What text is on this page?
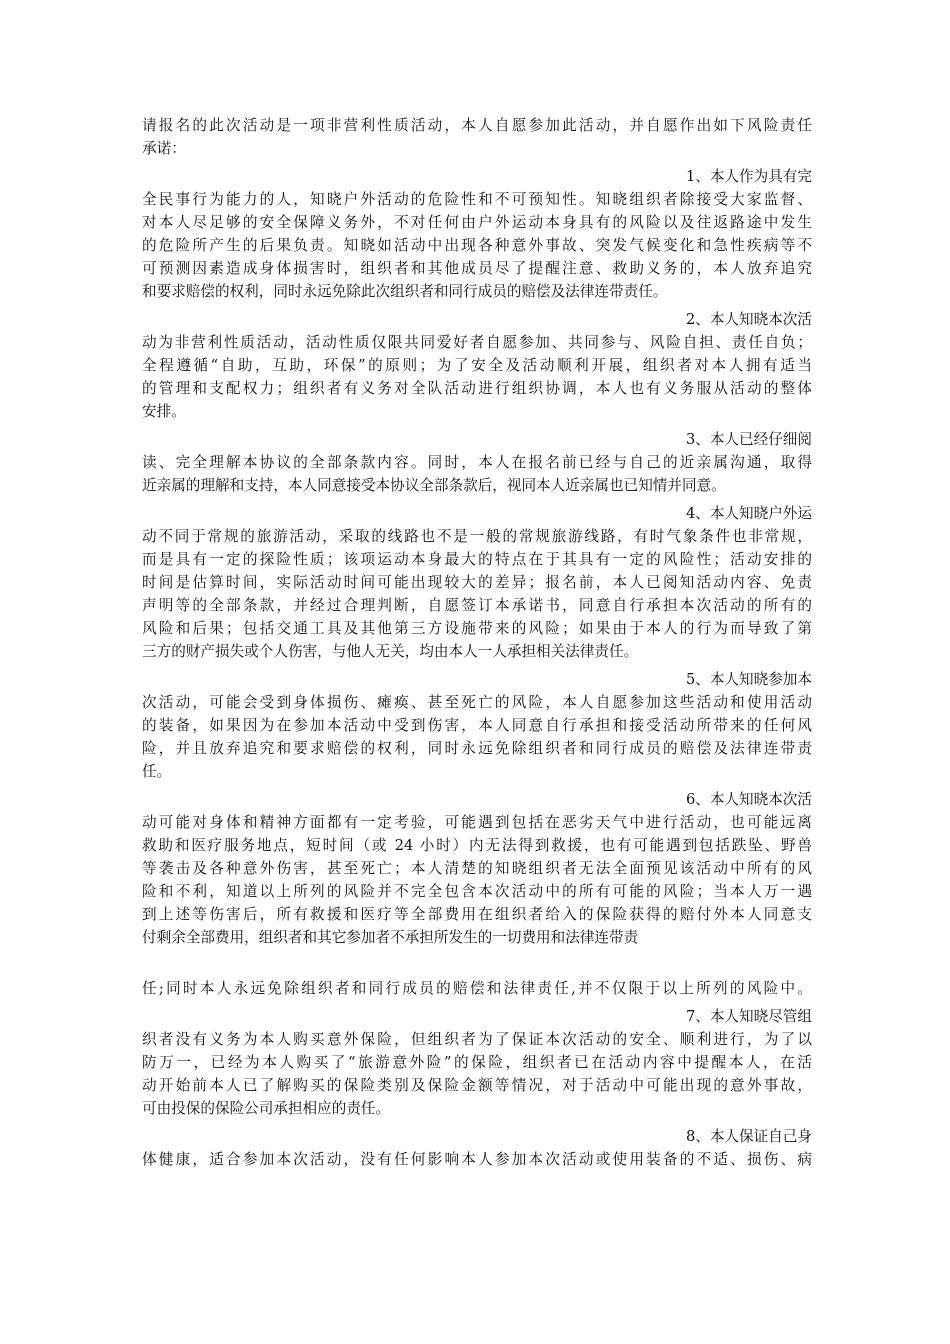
请报名的此次活动是一项非营利性质活动，本人自愿参加此活动，并自愿作出如下风险责任
承诺：
1、本人作为具有完
全民事行为能力的人，知晓户外活动的危险性和不可预知性。知晓组织者除接受大家监督、
对本人尽足够的安全保障义务外，不对任何由户外运动本身具有的风险以及往返路途中发生
的危险所产生的后果负责。知晓如活动中出现各种意外事故、突发气候变化和急性疾病等不
可预测因素造成身体损害时，组织者和其他成员尽了提醒注意、救助义务的，本人放弃追究
和要求赔偿的权利，同时永远免除此次组织者和同行成员的赔偿及法律连带责任。
2、本人知晓本次活
动为非营利性质活动，活动性质仅限共同爱好者自愿参加、共同参与、风险自担、责任自负；
全程遵循“自助，互助，环保”的原则；为了安全及活动顺利开展，组织者对本人拥有适当
的管理和支配权力；组织者有义务对全队活动进行组织协调，本人也有义务服从活动的整体
安排。
3、本人已经仔细阅
读、完全理解本协议的全部条款内容。同时，本人在报名前已经与自己的近亲属沟通，取得
近亲属的理解和支持，本人同意接受本协议全部条款后，视同本人近亲属也已知情并同意。
4、本人知晓户外运
动不同于常规的旅游活动，采取的线路也不是一般的常规旅游线路，有时气象条件也非常规，
而是具有一定的探险性质；该项运动本身最大的特点在于其具有一定的风险性；活动安排的
时间是估算时间，实际活动时间可能出现较大的差异；报名前，本人已阅知活动内容、免责
声明等的全部条款，并经过合理判断，自愿签订本承诺书，同意自行承担本次活动的所有的
风险和后果；包括交通工具及其他第三方设施带来的风险；如果由于本人的行为而导致了第
三方的财产损失或个人伤害，与他人无关，均由本人一人承担相关法律责任。
5、本人知晓参加本
次活动，可能会受到身体损伤、瘫痪、甚至死亡的风险，本人自愿参加这些活动和使用活动
的装备，如果因为在参加本活动中受到伤害，本人同意自行承担和接受活动所带来的任何风
险，并且放弃追究和要求赔偿的权利，同时永远免除组织者和同行成员的赔偿及法律连带责
任。
6、本人知晓本次活
动可能对身体和精神方面都有一定考验，可能遇到包括在恶劣天气中进行活动，也可能远离
救助和医疗服务地点，短时间（或 24 小时）内无法得到救援，也有可能遇到包括跌坠、野兽
等袭击及各种意外伤害，甚至死亡；本人清楚的知晓组织者无法全面预见该活动中所有的风
险和不利，知道以上所列的风险并不完全包含本次活动中的所有可能的风险；当本人万一遇
到上述等伤害后，所有救援和医疗等全部费用在组织者给入的保险获得的赔付外本人同意支
付剩余全部费用，组织者和其它参加者不承担所发生的一切费用和法律连带责
任;同时本人永远免除组织者和同行成员的赔偿和法律责任,并不仅限于以上所列的风险中。
7、本人知晓尽管组
织者没有义务为本人购买意外保险，但组织者为了保证本次活动的安全、顺利进行，为了以
防万一，已经为本人购买了“旅游意外险”的保险，组织者已在活动内容中提醒本人，在活
动开始前本人已了解购买的保险类别及保险金额等情况，对于活动中可能出现的意外事故，
可由投保的保险公司承担相应的责任。
8、本人保证自己身
体健康，适合参加本次活动，没有任何影响本人参加本次活动或使用装备的不适、损伤、病
